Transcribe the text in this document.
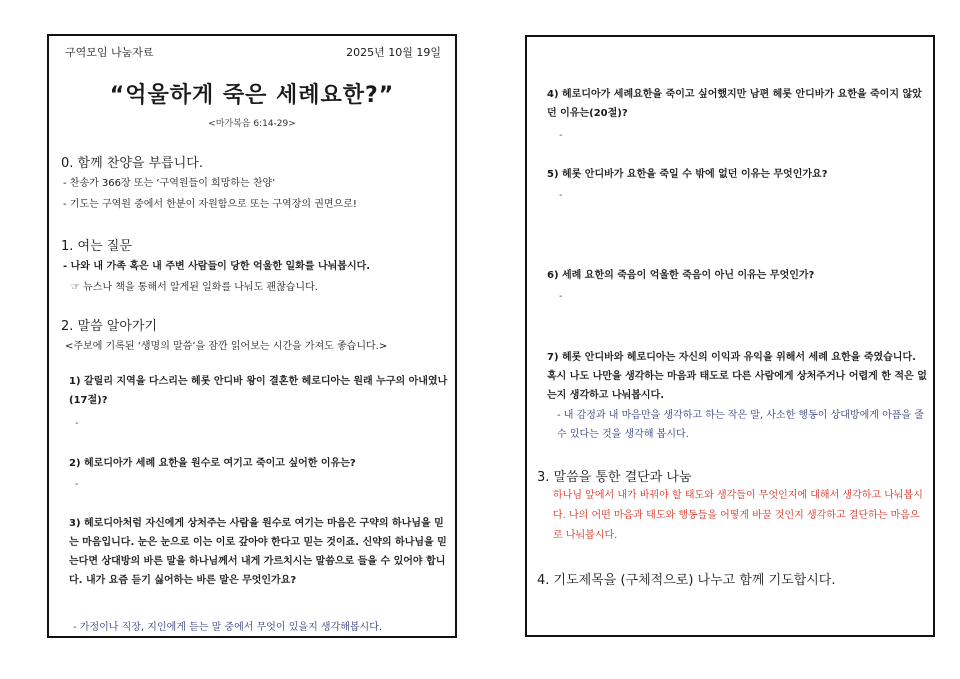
구역모임 나눔자료	2025년 10월 19일
“억울하게 죽은 세례요한?”
<마가복음 6:14-29>
0. 함께 찬양을 부릅니다.
- 찬송가 366장 또는 ‘구역원들이 희망하는 찬양’
- 기도는 구역원 중에서 한분이 자원함으로 또는 구역장의 권면으로!
1. 여는 질문
- 나와 내 가족 혹은 내 주변 사람들이 당한 억울한 일화를 나눠봅시다.
☞ 뉴스나 책을 통해서 알게된 일화를 나눠도 괜찮습니다.
2. 말씀 알아가기
<주보에 기록된 ‘생명의 말씀’을 잠깐 읽어보는 시간을 가져도 좋습니다.>
1) 갈릴리 지역을 다스리는 헤롯 안디바 왕이 결혼한 헤로디아는 원래 누구의 아내였나(17절)?
-
2) 헤로디아가 세례 요한을 원수로 여기고 죽이고 싶어한 이유는?
-
3) 헤로디아처럼 자신에게 상처주는 사람을 원수로 여기는 마음은 구약의 하나님을 믿는 마음입니다. 눈은 눈으로 이는 이로 갚아야 한다고 믿는 것이죠. 신약의 하나님을 믿는다면 상대방의 바른 말을 하나님께서 내게 가르치시는 말씀으로 들을 수 있어야 합니다. 내가 요즘 듣기 싫어하는 바른 말은 무엇인가요?
- 가정이나 직장, 지인에게 듣는 말 중에서 무엇이 있을지 생각해봅시다.
4) 헤로디아가 세례요한을 죽이고 싶어했지만 남편 헤롯 안디바가 요한을 죽이지 않았던 이유는(20절)?
-
5) 헤롯 안디바가 요한을 죽일 수 밖에 없던 이유는 무엇인가요?
-
6) 세례 요한의 죽음이 억울한 죽음이 아닌 이유는 무엇인가?
-
7) 헤롯 안디바와 헤로디아는 자신의 이익과 유익을 위해서 세례 요한을 죽였습니다. 혹시 나도 나만을 생각하는 마음과 태도로 다른 사람에게 상처주거나 어렵게 한 적은 없는지 생각하고 나눠봅시다.
- 내 감정과 내 마음만을 생각하고 하는 작은 말, 사소한 행동이 상대방에게 아픔을 줄 수 있다는 것을 생각해 봅시다.
3. 말씀을 통한 결단과 나눔
하나님 앞에서 내가 바꿔야 할 태도와 생각들이 무엇인지에 대해서 생각하고 나눠봅시다. 나의 어떤 마음과 태도와 행동들을 어떻게 바꿀 것인지 생각하고 결단하는 마음으로 나눠봅시다.
4. 기도제목을 (구체적으로) 나누고 함께 기도합시다.
